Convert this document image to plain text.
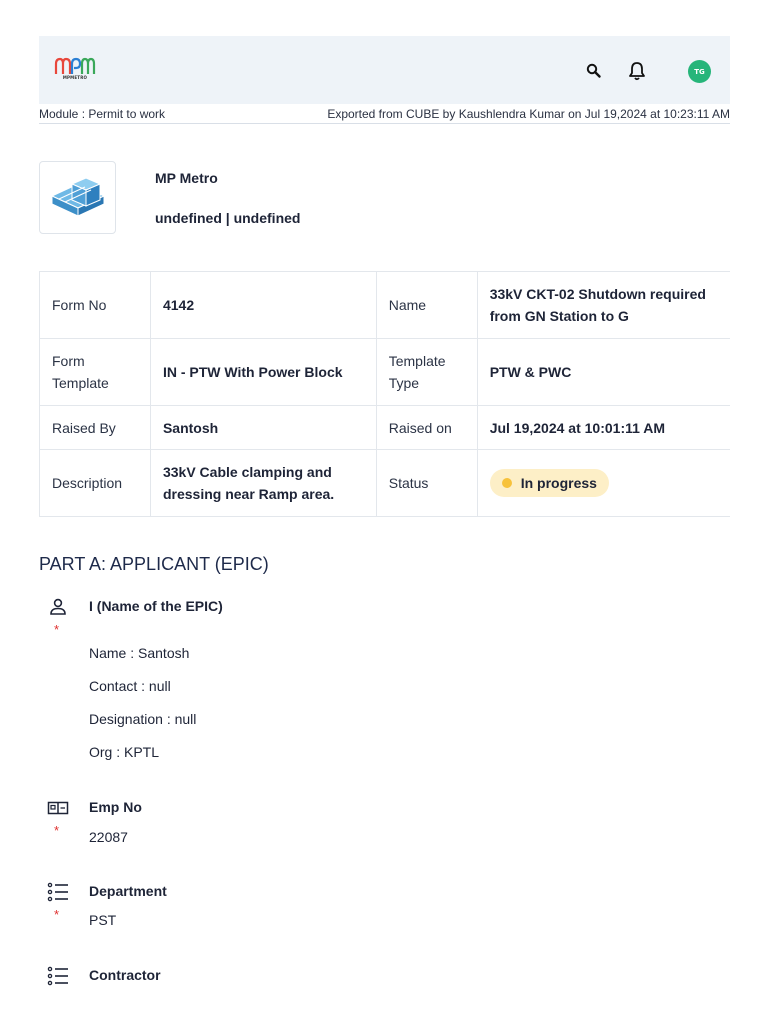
MPMETRO
TG
Module : Permit to work	Exported from CUBE by Kaushlendra Kumar on Jul 19,2024 at 10:23:11 AM
MP Metro
undefined | undefined
Form No	4142	Name	33kV CKT-02 Shutdown required from GN Station to G
Form Template	IN - PTW With Power Block	Template Type	PTW & PWC
Raised By	Santosh	Raised on	Jul 19,2024 at 10:01:11 AM
Description	33kV Cable clamping and dressing near Ramp area.	Status	In progress
PART A: APPLICANT (EPIC)
*
I (Name of the EPIC)
Name : Santosh
Contact : null
Designation : null
Org : KPTL
*
Emp No
22087
*
Department
PST
Contractor
